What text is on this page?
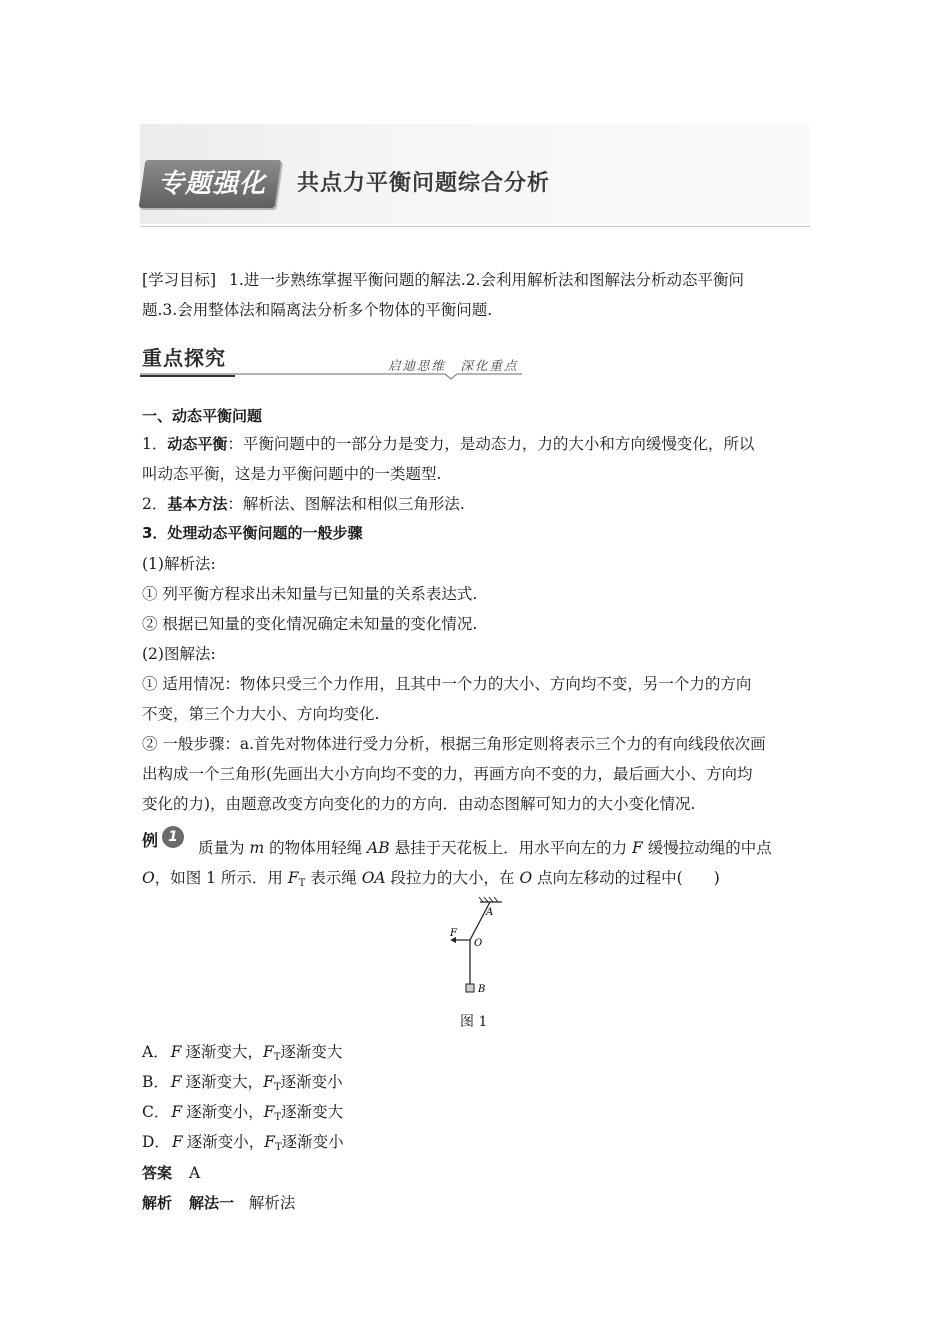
专题强化	共点力平衡问题综合分析
[学习目标] 1.进一步熟练掌握平衡问题的解法.2.会利用解析法和图解法分析动态平衡问
题.3.会用整体法和隔离法分析多个物体的平衡问题.
重点探究	启迪思维　深化重点
一、动态平衡问题
1．动态平衡：平衡问题中的一部分力是变力，是动态力，力的大小和方向缓慢变化，所以
叫动态平衡，这是力平衡问题中的一类题型.
2．基本方法：解析法、图解法和相似三角形法.
3．处理动态平衡问题的一般步骤
(1)解析法:
① 列平衡方程求出未知量与已知量的关系表达式.
② 根据已知量的变化情况确定未知量的变化情况.
(2)图解法:
① 适用情况：物体只受三个力作用，且其中一个力的大小、方向均不变，另一个力的方向
不变，第三个力大小、方向均变化.
② 一般步骤：a.首先对物体进行受力分析，根据三角形定则将表示三个力的有向线段依次画
出构成一个三角形(先画出大小方向均不变的力，再画方向不变的力，最后画大小、方向均
变化的力)，由题意改变方向变化的力的方向．由动态图解可知力的大小变化情况.
例 1
质量为 m 的物体用轻绳 AB 悬挂于天花板上．用水平向左的力 F 缓慢拉动绳的中点
O，如图 1 所示．用 $F_T$ 表示绳 OA 段拉力的大小，在 O 点向左移动的过程中(　　)
A
F
O
B
图 1
A． F 逐渐变大，$F_T$逐渐变大
B． F 逐渐变大，$F_T$逐渐变小
C． F 逐渐变小，$F_T$逐渐变大
D． F 逐渐变小，$F_T$逐渐变小
答案 A
解析 解法一 解析法
